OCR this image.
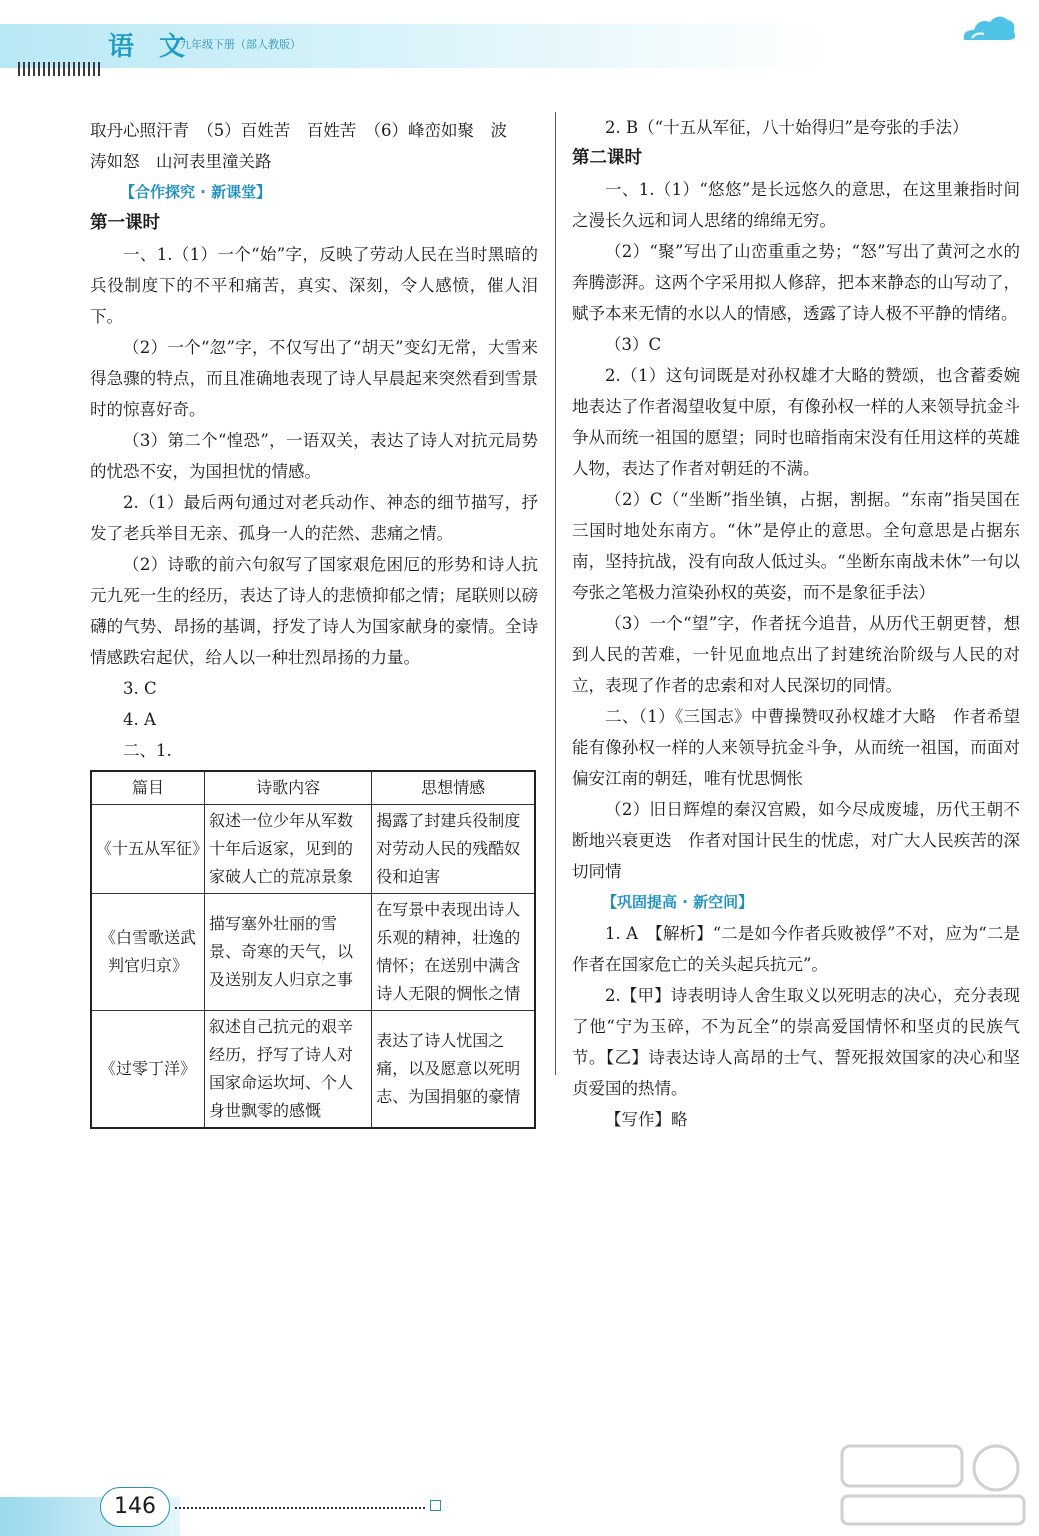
语 文
九年级下册（部人教版）

取丹心照汗青　（5）百姓苦　百姓苦　（6）峰峦如聚　波

涛如怒　山河表里潼关路

【合作探究 · 新课堂】

第一课时

一、1.（1）一个“始”字，反映了劳动人民在当时黑暗的兵役制度下的不平和痛苦，真实、深刻，令人感愤，催人泪下。

（2）一个“忽”字，不仅写出了“胡天”变幻无常，大雪来得急骤的特点，而且准确地表现了诗人早晨起来突然看到雪景时的惊喜好奇。

（3）第二个“惶恐”，一语双关，表达了诗人对抗元局势的忧恐不安，为国担忧的情感。

2.（1）最后两句通过对老兵动作、神态的细节描写，抒发了老兵举目无亲、孤身一人的茫然、悲痛之情。

（2）诗歌的前六句叙写了国家艰危困厄的形势和诗人抗元九死一生的经历，表达了诗人的悲愤抑郁之情；尾联则以磅礴的气势、昂扬的基调，抒发了诗人为国家献身的豪情。全诗情感跌宕起伏，给人以一种壮烈昂扬的力量。

3. C

4. A

二、1.

篇目	诗歌内容	思想情感
《十五从军征》	叙述一位少年从军数十年后返家，见到的家破人亡的荒凉景象	揭露了封建兵役制度对劳动人民的残酷奴役和迫害
《白雪歌送武判官归京》	描写塞外壮丽的雪景、奇寒的天气，以及送别友人归京之事	在写景中表现出诗人乐观的精神，壮逸的情怀；在送别中满含诗人无限的惆怅之情
《过零丁洋》	叙述自己抗元的艰辛经历，抒写了诗人对国家命运坎坷、个人身世飘零的感慨	表达了诗人忧国之痛，以及愿意以死明志、为国捐躯的豪情

2. B（“十五从军征，八十始得归”是夸张的手法）

第二课时

一、1.（1）“悠悠”是长远悠久的意思，在这里兼指时间之漫长久远和词人思绪的绵绵无穷。

（2）“聚”写出了山峦重重之势；“怒”写出了黄河之水的奔腾澎湃。这两个字采用拟人修辞，把本来静态的山写动了，赋予本来无情的水以人的情感，透露了诗人极不平静的情绪。

（3）C

2.（1）这句词既是对孙权雄才大略的赞颂，也含蓄委婉地表达了作者渴望收复中原，有像孙权一样的人来领导抗金斗争从而统一祖国的愿望；同时也暗指南宋没有任用这样的英雄人物，表达了作者对朝廷的不满。

（2）C（“坐断”指坐镇，占据，割据。“东南”指吴国在三国时地处东南方。“休”是停止的意思。全句意思是占据东南，坚持抗战，没有向敌人低过头。“坐断东南战未休”一句以夸张之笔极力渲染孙权的英姿，而不是象征手法）

（3）一个“望”字，作者抚今追昔，从历代王朝更替，想到人民的苦难，一针见血地点出了封建统治阶级与人民的对立，表现了作者的忠索和对人民深切的同情。

二、（1）《三国志》中曹操赞叹孙权雄才大略　作者希望能有像孙权一样的人来领导抗金斗争，从而统一祖国，而面对偏安江南的朝廷，唯有忧思惆怅

（2）旧日辉煌的秦汉宫殿，如今尽成废墟，历代王朝不断地兴衰更迭　作者对国计民生的忧虑，对广大人民疾苦的深切同情

【巩固提高 · 新空间】

1. A　【解析】“二是如今作者兵败被俘”不对，应为“二是作者在国家危亡的关头起兵抗元”。

2.【甲】诗表明诗人舍生取义以死明志的决心，充分表现了他“宁为玉碎，不为瓦全”的崇高爱国情怀和坚贞的民族气节。【乙】诗表达诗人高昂的士气、誓死报效国家的决心和坚贞爱国的热情。

【写作】略

146
